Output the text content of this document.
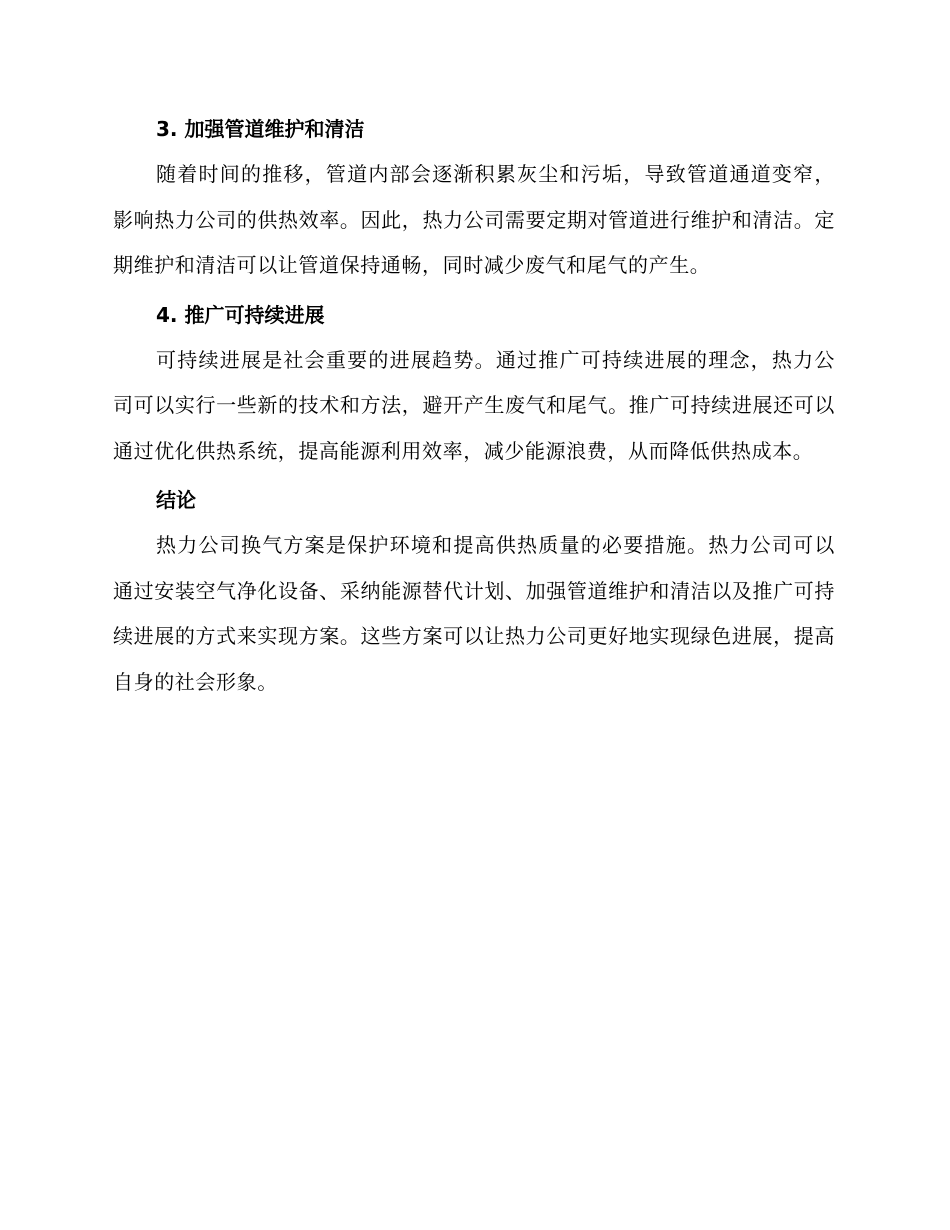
3. 加强管道维护和清洁

随着时间的推移，管道内部会逐渐积累灰尘和污垢，导致管道通道变窄，影响热力公司的供热效率。因此，热力公司需要定期对管道进行维护和清洁。定期维护和清洁可以让管道保持通畅，同时减少废气和尾气的产生。

4. 推广可持续进展

可持续进展是社会重要的进展趋势。通过推广可持续进展的理念，热力公司可以实行一些新的技术和方法，避开产生废气和尾气。推广可持续进展还可以通过优化供热系统，提高能源利用效率，减少能源浪费，从而降低供热成本。

结论

热力公司换气方案是保护环境和提高供热质量的必要措施。热力公司可以通过安装空气净化设备、采纳能源替代计划、加强管道维护和清洁以及推广可持续进展的方式来实现方案。这些方案可以让热力公司更好地实现绿色进展，提高自身的社会形象。
